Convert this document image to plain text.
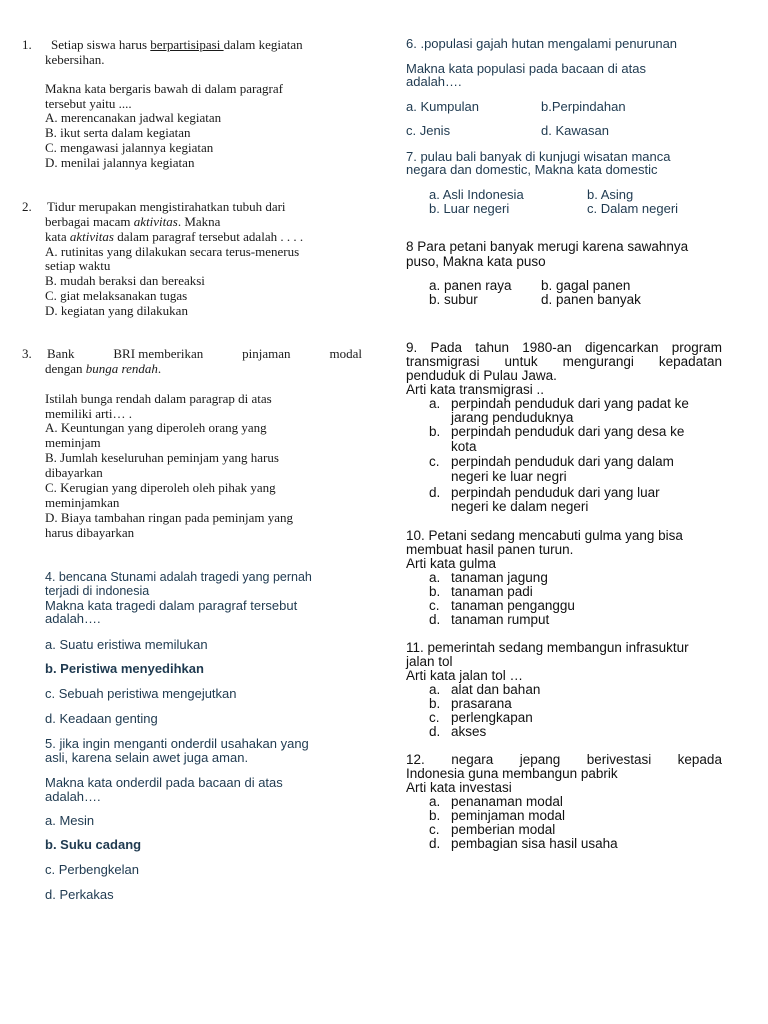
1. Setiap siswa harus berpartisipasi dalam kegiatan
kebersihan.
Makna kata bergaris bawah di dalam paragraf
tersebut yaitu ....
A. merencanakan jadwal kegiatan
B. ikut serta dalam kegiatan
C. mengawasi jalannya kegiatan
D. menilai jalannya kegiatan
2. Tidur merupakan mengistirahatkan tubuh dari
berbagai macam aktivitas. Makna
kata aktivitas dalam paragraf tersebut adalah . . . .
A. rutinitas yang dilakukan secara terus-menerus
setiap waktu
B. mudah beraksi dan bereaksi
C. giat melaksanakan tugas
D. kegiatan yang dilakukan
3. Bank	BRI memberikan	pinjaman	modal
dengan bunga rendah.
Istilah bunga rendah dalam paragrap di atas
memiliki arti… .
A. Keuntungan yang diperoleh orang yang
meminjam
B. Jumlah keseluruhan peminjam yang harus
dibayarkan
C. Kerugian yang diperoleh oleh pihak yang
meminjamkan
D. Biaya tambahan ringan pada peminjam yang
harus dibayarkan
4. bencana Stunami adalah tragedi yang pernah
terjadi di indonesia
Makna kata tragedi dalam paragraf tersebut
adalah….
a. Suatu eristiwa memilukan
b. Peristiwa menyedihkan
c. Sebuah peristiwa mengejutkan
d. Keadaan genting
5. jika ingin menganti onderdil usahakan yang
asli, karena selain awet juga aman.
Makna kata onderdil pada bacaan di atas
adalah….
a. Mesin
b. Suku cadang
c. Perbengkelan
d. Perkakas
6. .populasi gajah hutan mengalami penurunan
Makna kata populasi pada bacaan di atas
adalah….
a. Kumpulan	b.Perpindahan
c. Jenis	d. Kawasan
7. pulau bali banyak di kunjugi wisatan manca
negara dan domestic, Makna kata domestic
a. Asli Indonesia	b. Asing
b. Luar negeri	c. Dalam negeri
8 Para petani banyak merugi karena sawahnya
puso, Makna kata puso
a. panen raya b. gagal panen
b. subur	d. panen banyak
9. Pada tahun 1980-an digencarkan program
transmigrasi untuk mengurangi kepadatan
penduduk di Pulau Jawa.
Arti kata transmigrasi ..
a. perpindah penduduk dari yang padat ke
jarang penduduknya
b. perpindah penduduk dari yang desa ke
kota
c. perpindah penduduk dari yang dalam
negeri ke luar negri
d. perpindah penduduk dari yang luar
negeri ke dalam negeri
10. Petani sedang mencabuti gulma yang bisa
membuat hasil panen turun.
Arti kata gulma
a. tanaman jagung
b. tanaman padi
c. tanaman penganggu
d. tanaman rumput
11. pemerintah sedang membangun infrasuktur
jalan tol
Arti kata jalan tol …
a. alat dan bahan
b. prasarana
c. perlengkapan
d. akses
12. negara jepang berivestasi kepada
Indonesia guna membangun pabrik
Arti kata investasi
a. penanaman modal
b. peminjaman modal
c. pemberian modal
d. pembagian sisa hasil usaha
